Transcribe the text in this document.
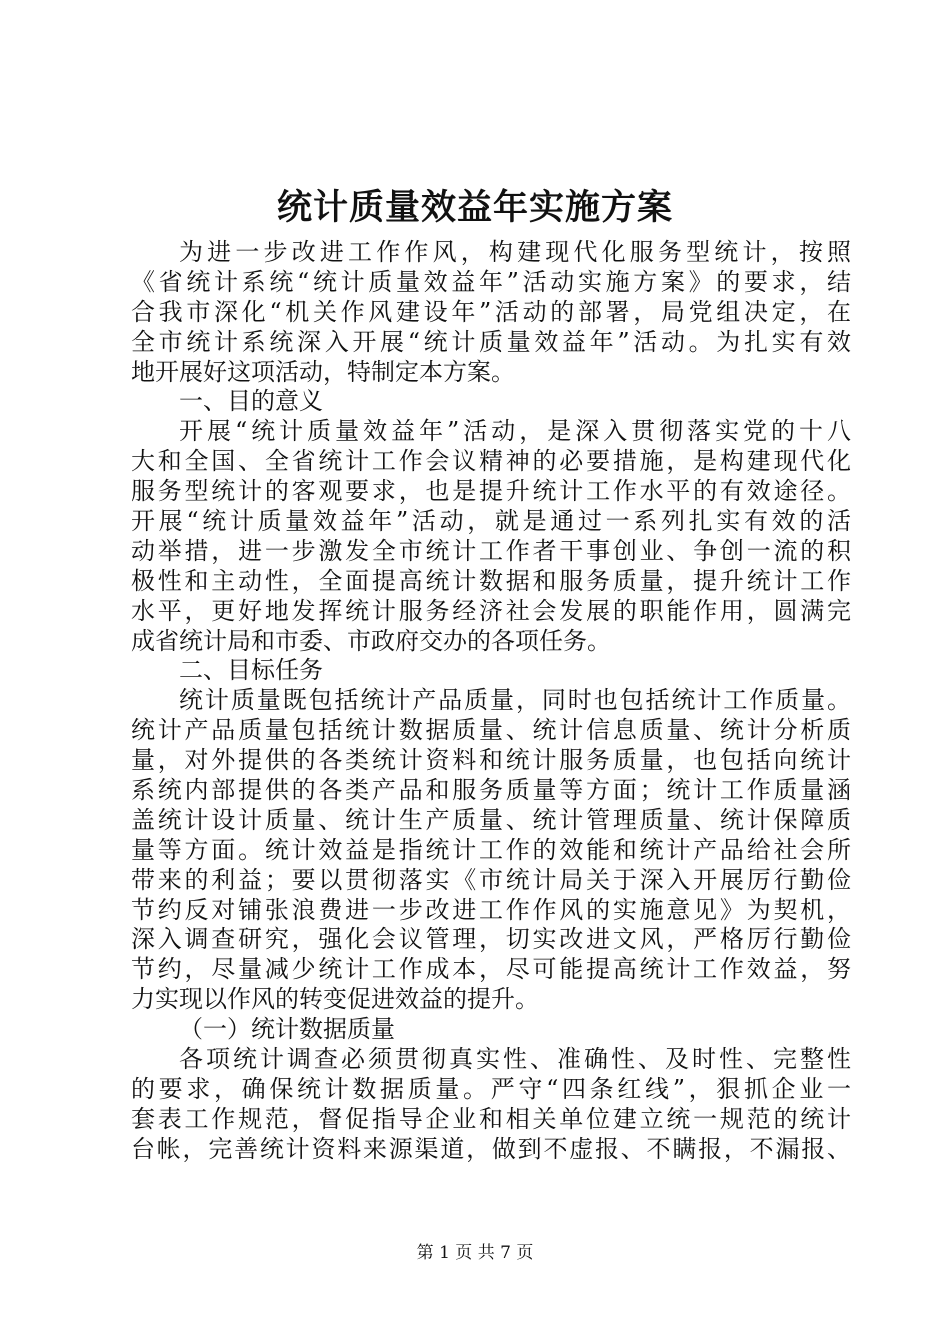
统计质量效益年实施方案
为进一步改进工作作风，构建现代化服务型统计，按照
《省统计系统“统计质量效益年”活动实施方案》的要求，结
合我市深化“机关作风建设年”活动的部署，局党组决定，在
全市统计系统深入开展“统计质量效益年”活动。为扎实有效
地开展好这项活动，特制定本方案。
一、目的意义
开展“统计质量效益年”活动，是深入贯彻落实党的十八
大和全国、全省统计工作会议精神的必要措施，是构建现代化
服务型统计的客观要求，也是提升统计工作水平的有效途径。
开展“统计质量效益年”活动，就是通过一系列扎实有效的活
动举措，进一步激发全市统计工作者干事创业、争创一流的积
极性和主动性，全面提高统计数据和服务质量，提升统计工作
水平，更好地发挥统计服务经济社会发展的职能作用，圆满完
成省统计局和市委、市政府交办的各项任务。
二、目标任务
统计质量既包括统计产品质量，同时也包括统计工作质量。
统计产品质量包括统计数据质量、统计信息质量、统计分析质
量，对外提供的各类统计资料和统计服务质量，也包括向统计
系统内部提供的各类产品和服务质量等方面；统计工作质量涵
盖统计设计质量、统计生产质量、统计管理质量、统计保障质
量等方面。统计效益是指统计工作的效能和统计产品给社会所
带来的利益；要以贯彻落实《市统计局关于深入开展厉行勤俭
节约反对铺张浪费进一步改进工作作风的实施意见》为契机，
深入调查研究，强化会议管理，切实改进文风，严格厉行勤俭
节约，尽量减少统计工作成本，尽可能提高统计工作效益，努
力实现以作风的转变促进效益的提升。
（一）统计数据质量
各项统计调查必须贯彻真实性、准确性、及时性、完整性
的要求，确保统计数据质量。严守“四条红线”，狠抓企业一
套表工作规范，督促指导企业和相关单位建立统一规范的统计
台帐，完善统计资料来源渠道，做到不虚报、不瞒报，不漏报、
第 1 页 共 7 页
